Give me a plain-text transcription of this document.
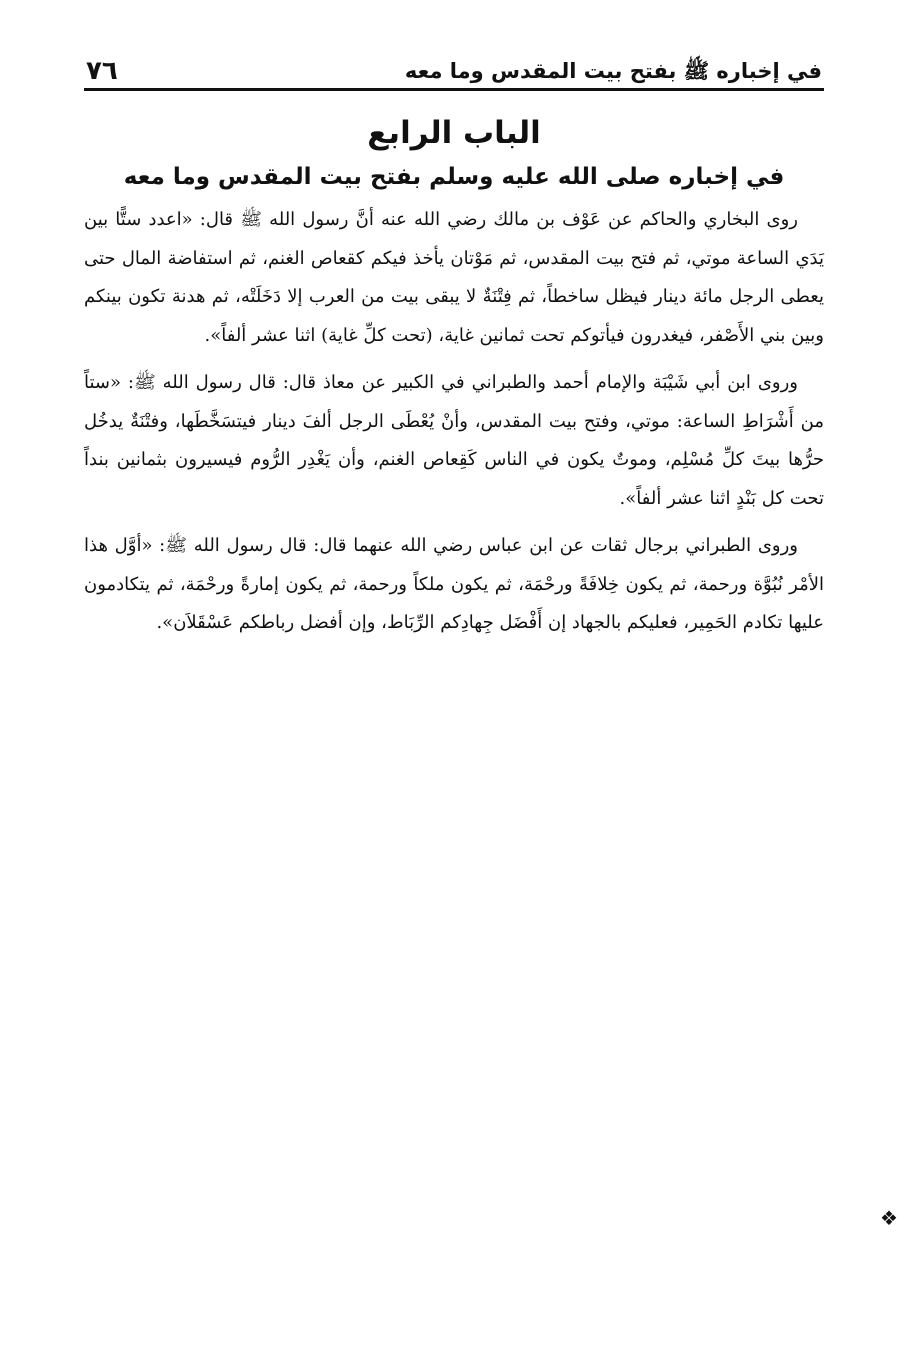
في إخباره ﷺ بفتح بيت المقدس وما معه
٧٦
الباب الرابع
في إخباره صلى الله عليه وسلم بفتح بيت المقدس وما معه

روى البخاري والحاكم عن عَوْف بن مالك رضي الله عنه أنَّ رسول الله ﷺ قال: «اعدد ستًّا بين يَدَي الساعة موتي، ثم فتح بيت المقدس، ثم مَوْتان يأخذ فيكم كقعاص الغنم، ثم استفاضة المال حتى يعطى الرجل مائة دينار فيظل ساخطاً، ثم فِتْنَةٌ لا يبقى بيت من العرب إلا دَخَلَتْه، ثم هدنة تكون بينكم وبين بني الأَصْفر، فيغدرون فيأتوكم تحت ثمانين غاية، (تحت كلِّ غاية) اثنا عشر ألفاً».

وروى ابن أبي شَيْبَة والإمام أحمد والطبراني في الكبير عن معاذ قال: قال رسول الله ﷺ: «ستاً من أَشْرَاطِ الساعة: موتي، وفتح بيت المقدس، وأنْ يُعْطَى الرجل ألفَ دينار فيتسَخَّطَها، وفتْنَةٌ يدخُل حرُّها بيتَ كلِّ مُسْلِم، وموتٌ يكون في الناس كَقِعاص الغنم، وأن يَغْدِر الرُّوم فيسيرون بثمانين بنداً تحت كل بَنْدٍ اثنا عشر ألفاً».

وروى الطبراني برجال ثقات عن ابن عباس رضي الله عنهما قال: قال رسول الله ﷺ: «أوَّل هذا الأمْر نُبُوَّة ورحمة، ثم يكون خِلافَةً ورحْمَة، ثم يكون ملكاً ورحمة، ثم يكون إمارةً ورحْمَة، ثم يتكادمون عليها تكادم الحَمِير، فعليكم بالجهاد إن أَفْضَل جِهادِكم الرِّبَاط، وإن أفضل رباطكم عَسْقَلاَن».

❖
